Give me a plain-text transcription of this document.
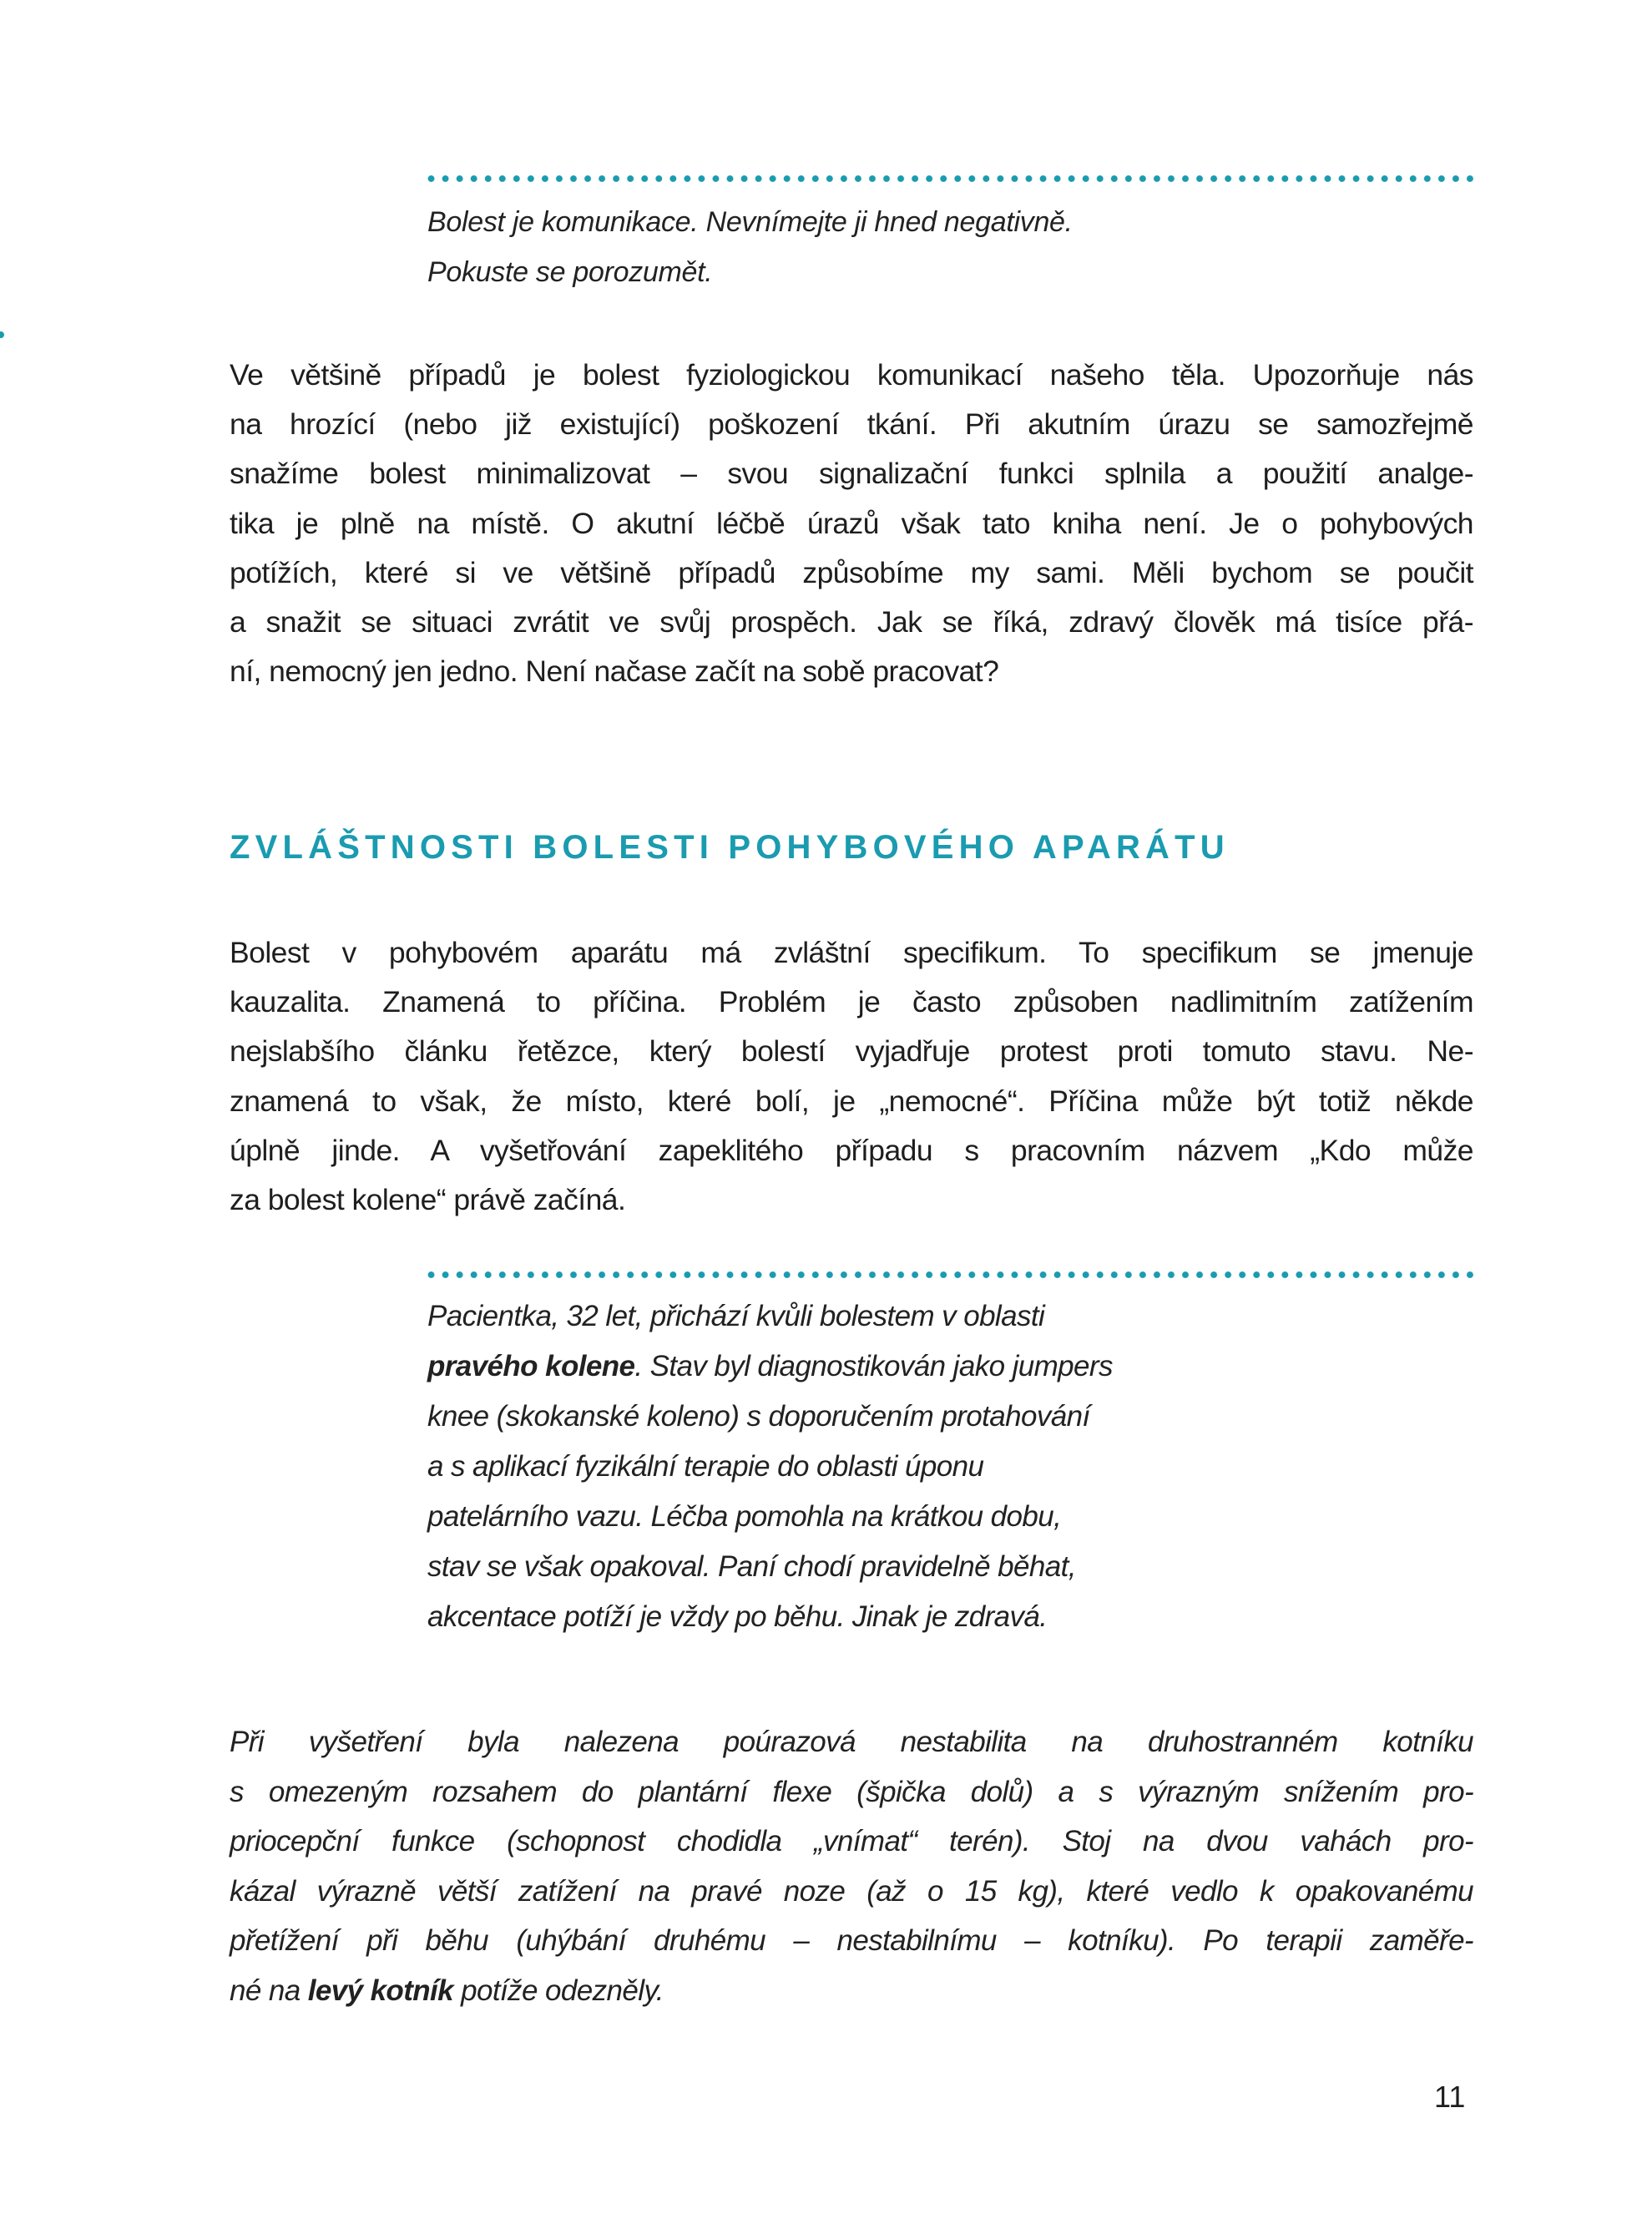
Bolest je komunikace. Nevnímejte ji hned negativně.
Pokuste se porozumět.
Ve většině případů je bolest fyziologickou komunikací našeho těla. Upozorňuje nás
na hrozící (nebo již existující) poškození tkání. Při akutním úrazu se samozřejmě
snažíme bolest minimalizovat – svou signalizační funkci splnila a použití analge-
tika je plně na místě. O akutní léčbě úrazů však tato kniha není. Je o pohybových
potížích, které si ve většině případů způsobíme my sami. Měli bychom se poučit
a snažit se situaci zvrátit ve svůj prospěch. Jak se říká, zdravý člověk má tisíce přá-
ní, nemocný jen jedno. Není načase začít na sobě pracovat?
ZVLÁŠTNOSTI BOLESTI POHYBOVÉHO APARÁTU
Bolest v pohybovém aparátu má zvláštní specifikum. To specifikum se jmenuje
kauzalita. Znamená to příčina. Problém je často způsoben nadlimitním zatížením
nejslabšího článku řetězce, který bolestí vyjadřuje protest proti tomuto stavu. Ne-
znamená to však, že místo, které bolí, je „nemocné“. Příčina může být totiž někde
úplně jinde. A vyšetřování zapeklitého případu s pracovním názvem „Kdo může
za bolest kolene“ právě začíná.
Pacientka, 32 let, přichází kvůli bolestem v oblasti
pravého kolene. Stav byl diagnostikován jako jumpers
knee (skokanské koleno) s doporučením protahování
a s aplikací fyzikální terapie do oblasti úponu
patelárního vazu. Léčba pomohla na krátkou dobu,
stav se však opakoval. Paní chodí pravidelně běhat,
akcentace potíží je vždy po běhu. Jinak je zdravá.
Při vyšetření byla nalezena poúrazová nestabilita na druhostranném kotníku
s omezeným rozsahem do plantární flexe (špička dolů) a s výrazným snížením pro-
priocepční funkce (schopnost chodidla „vnímat“ terén). Stoj na dvou vahách pro-
kázal výrazně větší zatížení na pravé noze (až o 15 kg), které vedlo k opakovanému
přetížení při běhu (uhýbání druhému – nestabilnímu – kotníku). Po terapii zaměře-
né na levý kotník potíže odezněly.
11
